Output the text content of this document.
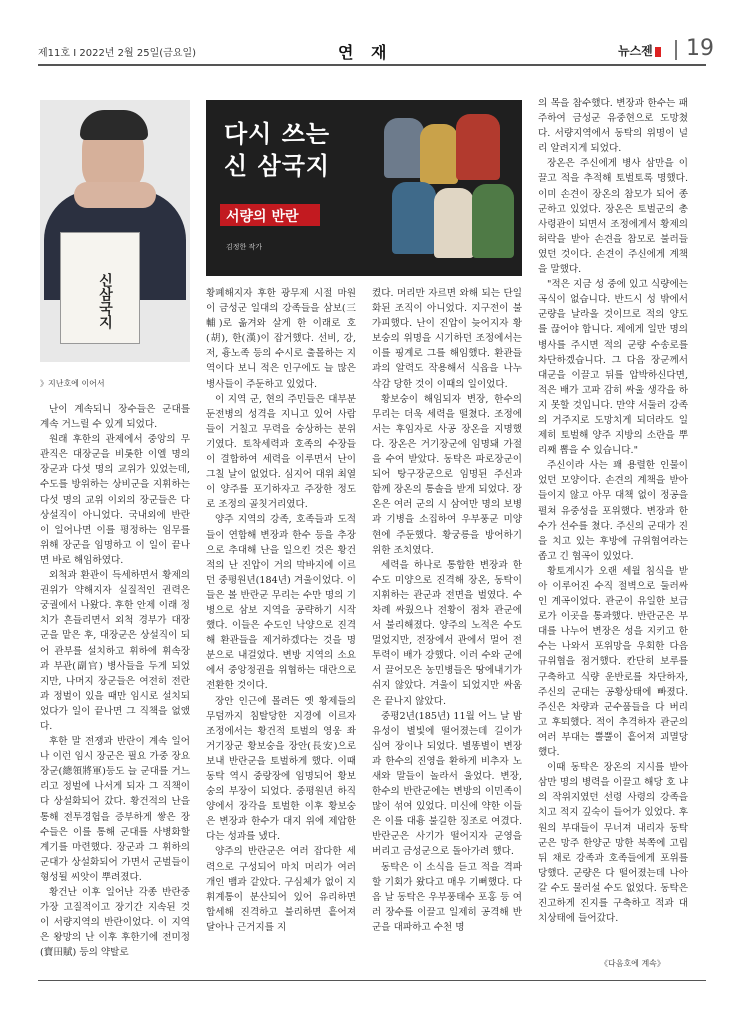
제11호 I 2022년 2월 25일(금요일)	연 재	뉴스젠	19
신삼국지
》지난호에 이어서
다시 쓰는
신 삼국지
서량의 반란
김정한 작가

난이 계속되니 장수들은 군대를 계속 거느릴 수 있게 되었다.

원래 후한의 관제에서 중앙의 무관직은 대장군을 비롯한 이엘 명의 장군과 다섯 명의 교위가 있었는데, 수도를 방위하는 상비군을 지휘하는 다섯 명의 교위 이외의 장군들은 다 상설직이 아니었다. 국내외에 반란이 일어나면 이를 평정하는 임무를 위해 장군을 임명하고 이 일이 끝나면 바로 해임하였다.

외척과 환관이 득세하면서 황제의 권위가 약해지자 실질적인 권력은 궁궐에서 나왔다. 후한 안제 이래 정치가 흔들리면서 외척 경부가 대장군을 맡은 후, 대장군은 상설직이 되어 관부를 설치하고 휘하에 휘속장과 부관(副官) 병사들을 두게 되었지만, 나머지 장군들은 여전히 전란과 정벌이 있을 때만 임시로 설치되었다가 일이 끝나면 그 직책을 없앴다.

후한 말 전쟁과 반란이 계속 일어나 이런 임시 장군은 필요 가중 장요장군(總領將軍)등도 늘 군대를 거느리고 정벌에 나서게 되자 그 직책이 다 상설화되어 갔다. 황건적의 난을 통해 전투경험을 증부하게 쌓은 장수들은 이를 통해 군대를 사병화할 계기를 마련했다. 장군과 그 휘하의 군대가 상설화되어 가면서 군벌들이 형성될 씨앗이 뿌려졌다.

황건난 이후 일어난 각종 반란중 가장 고질적이고 장기간 지속된 것이 서량지역의 반란이었다. 이 지역은 왕망의 난 이후 후한기에 전미정(寶田賦) 등의 약탈로

황폐해지자 후한 광무제 시절 마원이 금성군 일대의 강족들을 삼보(三輔)로 옮겨와 살게 한 이래로 호(胡), 한(漢)이 잡거했다. 선비, 강, 저, 흉노족 등의 수시로 출몰하는 지역이다 보니 적은 인구에도 늘 많은 병사들이 주둔하고 있었다.

이 지역 군, 현의 주민들은 대부분 둔전병의 성격을 지니고 있어 사람들이 거칠고 무력을 숭상하는 분위기였다. 토착세력과 호족의 수장들이 결합하여 세력을 이루면서 난이 그칠 날이 없었다. 심지어 대위 최열이 양주를 포기하자고 주장한 정도로 조정의 골칫거리였다.

양주 지역의 강족, 호족들과 도적들이 연합해 변장과 한수 등을 추장으로 추대해 난을 일으킨 것은 황건적의 난 진압이 거의 막바지에 이르던 중평원년(184년) 겨울이었다. 이들은 볼 반란군 무리는 수만 명의 기병으로 삼보 지역을 공략하기 시작했다. 이들은 수도인 낙양으로 진격해 환관들을 제거하겠다는 것을 명분으로 내걸었다. 변방 지역의 소요에서 중앙정권을 위협하는 대란으로 전환한 것이다.

장안 인근에 몰려든 옛 황제들의 무덤까지 침탈당한 지경에 이르자 조정에서는 황건적 토벌의 영웅 좌거기장군 황보숭을 장안(長安)으로 보내 반란군을 토벌하게 했다. 이때 동탁 역시 중랑장에 임명되어 황보숭의 부장이 되었다. 중평원년 하직양에서 장각을 토벌한 이후 황보숭은 변장과 한수가 대지 위에 제압한다는 성과를 냈다.

양주의 반란군은 여러 잡다한 세력으로 구성되어 마치 머리가 여러 개인 뱀과 같았다. 구심체가 없이 지휘계통이 분산되어 있어 유리하면 합세해 진격하고 불리하면 흩어져 달아나 근거지를 지

켰다. 머리만 자르면 와해 되는 단일화된 조직이 아니었다. 지구전이 불가피했다. 난이 진압이 늦어지자 황보숭의 위명을 시기하던 조정에서는 이를 핑계로 그를 해임했다. 환관들과의 알력도 작용해서 식읍을 나누 삭감 당한 것이 이때의 일이었다.

황보숭이 해임되자 변장, 한수의 무리는 더욱 세력을 떨쳤다. 조정에서는 후임자로 사공 장온을 지명했다. 장온은 거기장군에 임명돼 가절을 수여 받았다. 동탁은 파로장군이 되어 탕구장군으로 임명된 주신과 함께 장온의 통솔을 받게 되었다. 장온은 여러 군의 시 삼여만 명의 보병과 기병을 소집하여 우부풍군 미양현에 주둔했다. 황궁릉을 방어하기 위한 조치였다.

세력을 하나로 통합한 변장과 한수도 미양으로 진격해 장온, 동탁이 지휘하는 관군과 전면을 벌였다. 수차례 싸웠으나 전황이 점차 관군에서 불리해졌다. 양주의 노적은 수도 멀었지만, 전장에서 관에서 멀어 전투력이 배가 강했다. 이러 수와 군에서 끌어모은 농민병들은 땅에내기가 쉬지 않았다. 겨울이 되었지만 싸움은 끝나지 않았다.

중평2년(185년) 11월 어느 날 밤 유성이 별빛에 떨어졌는데 길이가 십여 장이나 되었다. 별똥별이 변장과 한수의 진영을 환하게 비추자 노새와 말들이 놀라서 울었다. 변장, 한수의 반란군에는 변방의 이민족이 많이 섞여 있었다. 미신에 약한 이들은 이를 대흉 불길한 징조로 여겼다. 반란군은 사기가 떨어지자 군영을 버리고 금성군으로 돌아가려 했다.

동탁은 이 소식을 듣고 적을 격파할 기회가 왔다고 매우 기뻐했다. 다음 날 동탁은 우부풍태수 포홍 등 여러 장수를 이끌고 일제히 공격해 반군을 대파하고 수천 명

의 목을 참수했다. 변장과 한수는 패주하여 금성군 유중현으로 도망쳤다. 서량지역에서 동탁의 위명이 널리 알려지게 되었다.

장온은 주신에게 병사 삼만을 이끌고 적을 추적해 토벌토록 명했다. 이미 손견이 장온의 참모가 되어 종군하고 있었다. 장온은 토벌군의 총사령관이 되면서 조정에게서 황제의 허락을 받아 손견을 참모로 불러들였던 것이다. 손견이 주신에게 계책을 말했다.

"적은 지금 성 중에 있고 식량에는 곡식이 없습니다. 반드시 성 밖에서 군량을 날라올 것이므로 적의 양도를 끊어야 합니다. 제에게 일만 명의 병사를 주시면 적의 군량 수송로를 차단하겠습니다. 그 다음 장군께서 대군을 이끌고 뒤를 압박하신다면, 적은 배가 고파 감히 싸울 생각을 하지 못할 것입니다. 만약 서둘러 강족의 거주지로 도망치게 되더라도 일제히 토벌해 양주 지방의 소란을 뿌리째 뽑을 수 있습니다."

주신이라 사는 꽤 용렬한 인물이었던 모양이다. 손견의 계책을 받아들이지 않고 아무 대책 없이 정공을 펼쳐 유중성을 포위했다. 변장과 한수가 선수를 쳤다. 주신의 군대가 진을 치고 있는 후방에 규위협여라는 좁고 긴 협곡이 있었다.

황토계시가 오랜 세월 침식을 받아 이루어진 수직 절벽으로 둘러싸인 계곡이었다. 관군이 유일한 보급로가 이곳을 통과했다. 반란군은 부대를 나누어 변장은 성을 지키고 한수는 나와서 포위망을 우회한 다음 규위협을 점거했다. 칸단히 보루를 구축하고 식량 운반로를 차단하자, 주신의 군대는 공황상태에 빠졌다. 주신은 차량과 군수품들을 다 버리고 후퇴했다. 적이 추격하자 관군의 여러 부대는 뿔뿔이 흩어져 괴멸당했다.

이때 동탁은 장온의 지시를 받아 삼만 명의 병력을 이끌고 해당 호 냐의 작위지였던 선령 사령의 강족을 치고 적지 깊숙이 들어가 있었다. 후원의 부대들이 무너져 내리자 동탁군은 망주 한양군 망한 북쪽에 고립뒤 채로 강족과 호족들에게 포위를 당했다. 군량은 다 떨어졌는데 나아갈 수도 물러설 수도 없었다. 동탁은 진고하게 진지를 구축하고 적과 대치상태에 들어갔다.

《다음호에 계속》
